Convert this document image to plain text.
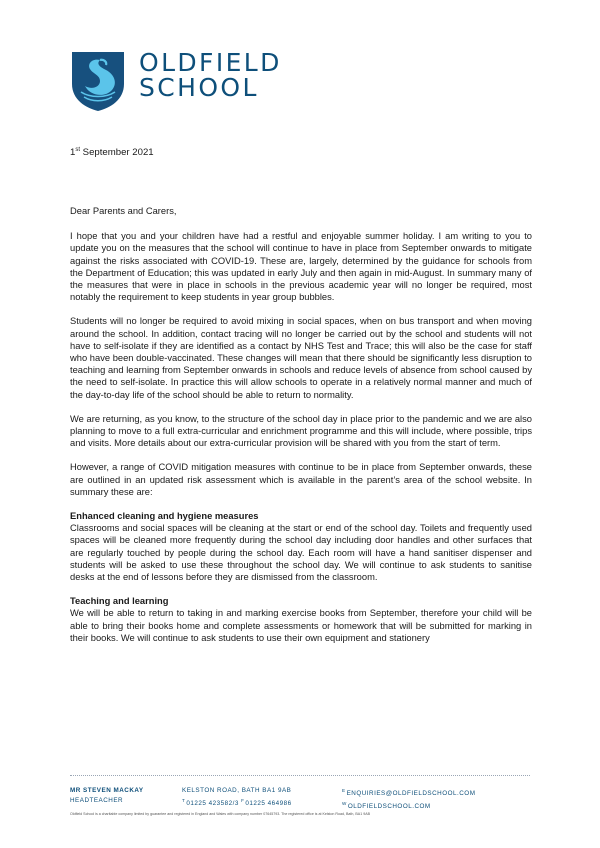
OLDFIELD
SCHOOL
1st September 2021

Dear Parents and Carers,

I hope that you and your children have had a restful and enjoyable summer holiday. I am writing to you to update you on the measures that the school will continue to have in place from September onwards to mitigate against the risks associated with COVID-19. These are, largely, determined by the guidance for schools from the Department of Education; this was updated in early July and then again in mid-August. In summary many of the measures that were in place in schools in the previous academic year will no longer be required, most notably the requirement to keep students in year group bubbles.

Students will no longer be required to avoid mixing in social spaces, when on bus transport and when moving around the school. In addition, contact tracing will no longer be carried out by the school and students will not have to self-isolate if they are identified as a contact by NHS Test and Trace; this will also be the case for staff who have been double-vaccinated. These changes will mean that there should be significantly less disruption to teaching and learning from September onwards in schools and reduce levels of absence from school caused by the need to self-isolate. In practice this will allow schools to operate in a relatively normal manner and much of the day-to-day life of the school should be able to return to normality.

We are returning, as you know, to the structure of the school day in place prior to the pandemic and we are also planning to move to a full extra-curricular and enrichment programme and this will include, where possible, trips and visits. More details about our extra-curricular provision will be shared with you from the start of term.

However, a range of COVID mitigation measures with continue to be in place from September onwards, these are outlined in an updated risk assessment which is available in the parent’s area of the school website. In summary these are:

Enhanced cleaning and hygiene measures

Classrooms and social spaces will be cleaning at the start or end of the school day. Toilets and frequently used spaces will be cleaned more frequently during the school day including door handles and other surfaces that are regularly touched by people during the school day. Each room will have a hand sanitiser dispenser and students will be asked to use these throughout the school day. We will continue to ask students to sanitise desks at the end of lessons before they are dismissed from the classroom.

Teaching and learning

We will be able to return to taking in and marking exercise books from September, therefore your child will be able to bring their books home and complete assessments or homework that will be submitted for marking in their books. We will continue to ask students to use their own equipment and stationery

MR STEVEN MACKAY
HEADTEACHER
KELSTON ROAD, BATH BA1 9AB
$^T$01225 423582/3 $^F$01225 464986
$^E$ENQUIRIES@OLDFIELDSCHOOL.COM
$^W$OLDFIELDSCHOOL.COM
Oldfield School is a charitable company limited by guarantee and registered in England and Wales with company number 07645793. The registered office is at Kelston Road, Bath, BA1 9AB
